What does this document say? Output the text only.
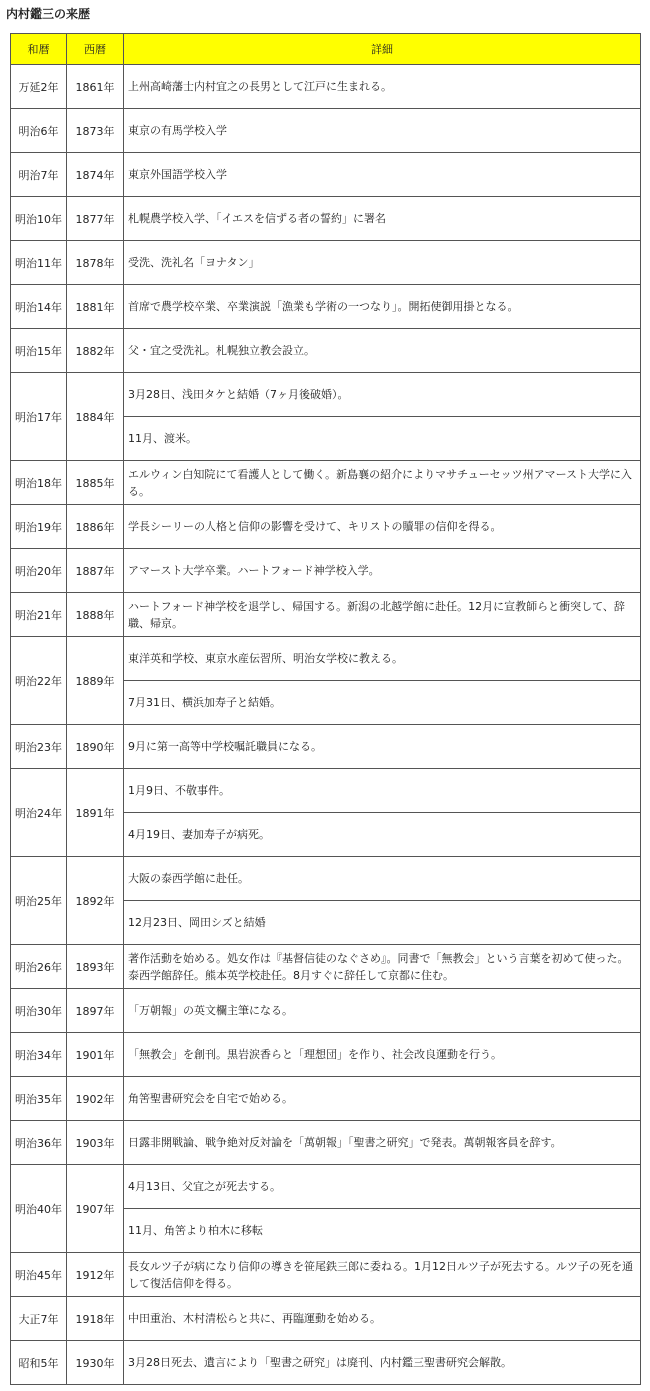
内村鑑三の来歴
和暦	西暦	詳細
万延2年	1861年	上州高崎藩士内村宜之の長男として江戸に生まれる。
明治6年	1873年	東京の有馬学校入学
明治7年	1874年	東京外国語学校入学
明治10年	1877年	札幌農学校入学、「イエスを信ずる者の誓約」に署名
明治11年	1878年	受洗、洗礼名「ヨナタン」
明治14年	1881年	首席で農学校卒業、卒業演説「漁業も学術の一つなり」。開拓使御用掛となる。
明治15年	1882年	父・宜之受洗礼。札幌独立教会設立。
明治17年	1884年	3月28日、浅田タケと結婚（7ヶ月後破婚）。
		11月、渡米。
明治18年	1885年	エルウィン白知院にて看護人として働く。新島襄の紹介によりマサチューセッツ州アマースト大学に入る。
明治19年	1886年	学長シーリーの人格と信仰の影響を受けて、キリストの贖罪の信仰を得る。
明治20年	1887年	アマースト大学卒業。ハートフォード神学校入学。
明治21年	1888年	ハートフォード神学校を退学し、帰国する。新潟の北越学館に赴任。12月に宣教師らと衝突して、辞職、帰京。
明治22年	1889年	東洋英和学校、東京水産伝習所、明治女学校に教える。
		7月31日、横浜加寿子と結婚。
明治23年	1890年	9月に第一高等中学校嘱託職員になる。
明治24年	1891年	1月9日、不敬事件。
		4月19日、妻加寿子が病死。
明治25年	1892年	大阪の泰西学館に赴任。
		12月23日、岡田シズと結婚
明治26年	1893年	著作活動を始める。処女作は『基督信徒のなぐさめ』。同書で「無教会」という言葉を初めて使った。泰西学館辞任。熊本英学校赴任。8月すぐに辞任して京都に住む。
明治30年	1897年	「万朝報」の英文欄主筆になる。
明治34年	1901年	「無教会」を創刊。黒岩涙香らと「理想団」を作り、社会改良運動を行う。
明治35年	1902年	角筈聖書研究会を自宅で始める。
明治36年	1903年	日露非開戦論、戦争絶対反対論を「萬朝報」「聖書之研究」で発表。萬朝報客員を辞す。
明治40年	1907年	4月13日、父宜之が死去する。
		11月、角筈より柏木に移転
明治45年	1912年	長女ルツ子が病になり信仰の導きを笹尾鉄三郎に委ねる。1月12日ルツ子が死去する。ルツ子の死を通して復活信仰を得る。
大正7年	1918年	中田重治、木村清松らと共に、再臨運動を始める。
昭和5年	1930年	3月28日死去、遺言により「聖書之研究」は廃刊、内村鑑三聖書研究会解散。
